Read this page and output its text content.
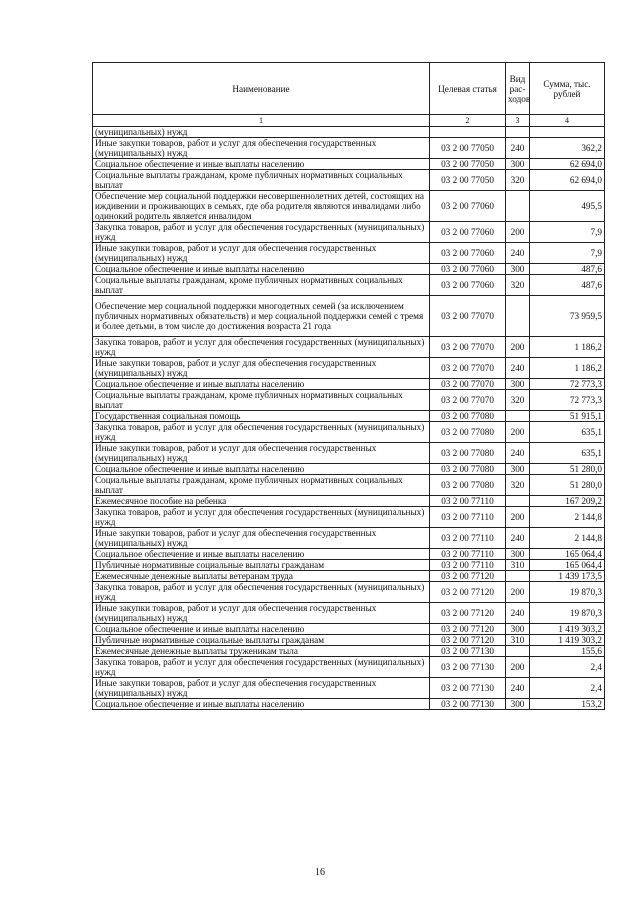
Наименование	Целевая статья	Вид рас-ходов	Сумма, тыс. рублей
1	2	3	4
(муниципальных) нужд			
Иные закупки товаров, работ и услуг для обеспечения государственных (муниципальных) нужд	03 2 00 77050	240	362,2
Социальное обеспечение и иные выплаты населению	03 2 00 77050	300	62 694,0
Социальные выплаты гражданам, кроме публичных нормативных социальных выплат	03 2 00 77050	320	62 694,0
Обеспечение мер социальной поддержки несовершеннолетних детей, состоящих на иждивении и проживающих в семьях, где оба родителя являются инвалидами либо одинокий родитель является инвалидом	03 2 00 77060		495,5
Закупка товаров, работ и услуг для обеспечения государственных (муниципальных) нужд	03 2 00 77060	200	7,9
Иные закупки товаров, работ и услуг для обеспечения государственных (муниципальных) нужд	03 2 00 77060	240	7,9
Социальное обеспечение и иные выплаты населению	03 2 00 77060	300	487,6
Социальные выплаты гражданам, кроме публичных нормативных социальных выплат	03 2 00 77060	320	487,6
Обеспечение мер социальной поддержки многодетных семей (за исключением публичных нормативных обязательств) и мер социальной поддержки семей с тремя и более детьми, в том числе до достижения возраста 21 года	03 2 00 77070		73 959,5
Закупка товаров, работ и услуг для обеспечения государственных (муниципальных) нужд	03 2 00 77070	200	1 186,2
Иные закупки товаров, работ и услуг для обеспечения государственных (муниципальных) нужд	03 2 00 77070	240	1 186,2
Социальное обеспечение и иные выплаты населению	03 2 00 77070	300	72 773,3
Социальные выплаты гражданам, кроме публичных нормативных социальных выплат	03 2 00 77070	320	72 773,3
Государственная социальная помощь	03 2 00 77080		51 915,1
Закупка товаров, работ и услуг для обеспечения государственных (муниципальных) нужд	03 2 00 77080	200	635,1
Иные закупки товаров, работ и услуг для обеспечения государственных (муниципальных) нужд	03 2 00 77080	240	635,1
Социальное обеспечение и иные выплаты населению	03 2 00 77080	300	51 280,0
Социальные выплаты гражданам, кроме публичных нормативных социальных выплат	03 2 00 77080	320	51 280,0
Ежемесячное пособие на ребенка	03 2 00 77110		167 209,2
Закупка товаров, работ и услуг для обеспечения государственных (муниципальных) нужд	03 2 00 77110	200	2 144,8
Иные закупки товаров, работ и услуг для обеспечения государственных (муниципальных) нужд	03 2 00 77110	240	2 144,8
Социальное обеспечение и иные выплаты населению	03 2 00 77110	300	165 064,4
Публичные нормативные социальные выплаты гражданам	03 2 00 77110	310	165 064,4
Ежемесячные денежные выплаты ветеранам труда	03 2 00 77120		1 439 173,5
Закупка товаров, работ и услуг для обеспечения государственных (муниципальных) нужд	03 2 00 77120	200	19 870,3
Иные закупки товаров, работ и услуг для обеспечения государственных (муниципальных) нужд	03 2 00 77120	240	19 870,3
Социальное обеспечение и иные выплаты населению	03 2 00 77120	300	1 419 303,2
Публичные нормативные социальные выплаты гражданам	03 2 00 77120	310	1 419 303,2
Ежемесячные денежные выплаты труженикам тыла	03 2 00 77130		155,6
Закупка товаров, работ и услуг для обеспечения государственных (муниципальных) нужд	03 2 00 77130	200	2,4
Иные закупки товаров, работ и услуг для обеспечения государственных (муниципальных) нужд	03 2 00 77130	240	2,4
Социальное обеспечение и иные выплаты населению	03 2 00 77130	300	153,2
16
